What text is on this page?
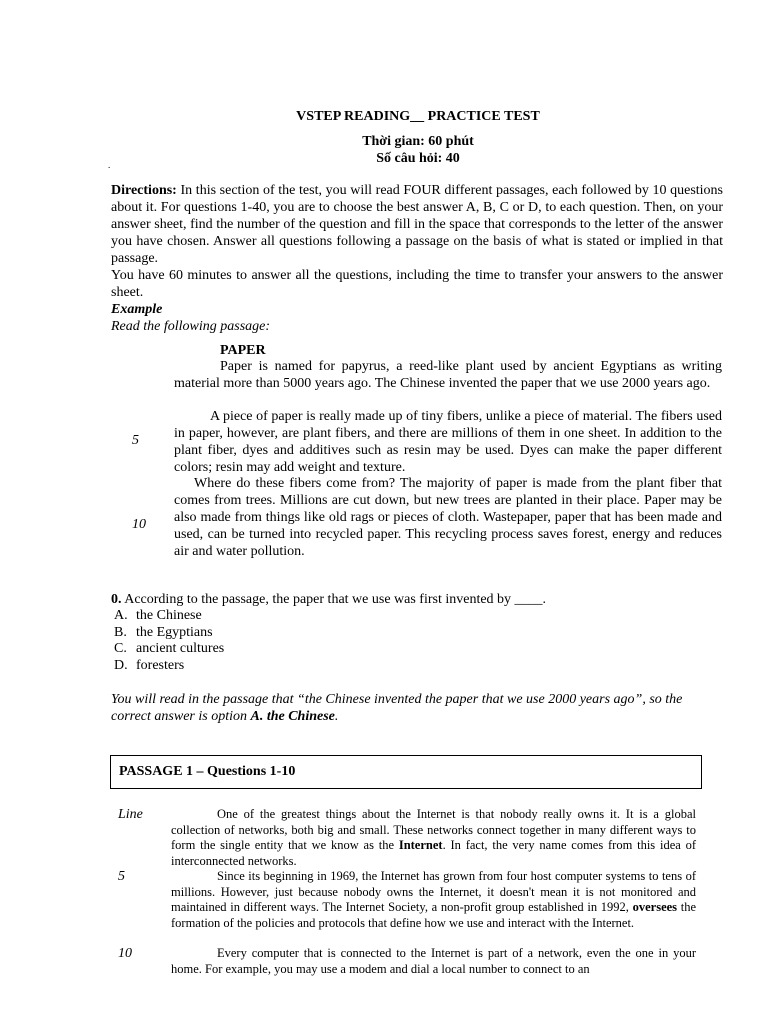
VSTEP READING__ PRACTICE TEST
Thời gian: 60 phút
Số câu hỏi: 40
.
Directions: In this section of the test, you will read FOUR different passages, each followed by 10 questions about it. For questions 1-40, you are to choose the best answer A, B, C or D, to each question. Then, on your answer sheet, find the number of the question and fill in the space that corresponds to the letter of the answer you have chosen. Answer all questions following a passage on the basis of what is stated or implied in that passage.
You have 60 minutes to answer all the questions, including the time to transfer your answers to the answer sheet.
Example
Read the following passage:
PAPER
Paper is named for papyrus, a reed-like plant used by ancient Egyptians as writing material more than 5000 years ago. The Chinese invented the paper that we use 2000 years ago.
A piece of paper is really made up of tiny fibers, unlike a piece of material. The fibers used in paper, however, are plant fibers, and there are millions of them in one sheet. In addition to the plant fiber, dyes and additives such as resin may be used. Dyes can make the paper different colors; resin may add weight and texture.
Where do these fibers come from? The majority of paper is made from the plant fiber that comes from trees. Millions are cut down, but new trees are planted in their place. Paper may be also made from things like old rags or pieces of cloth. Wastepaper, paper that has been made and used, can be turned into recycled paper. This recycling process saves forest, energy and reduces air and water pollution.
5
10
0. According to the passage, the paper that we use was first invented by ____.
A. the Chinese
B. the Egyptians
C. ancient cultures
D. foresters
You will read in the passage that “the Chinese invented the paper that we use 2000 years ago”, so the correct answer is option A. the Chinese.
PASSAGE 1 – Questions 1-10
Line
5
10
One of the greatest things about the Internet is that nobody really owns it. It is a global collection of networks, both big and small. These networks connect together in many different ways to form the single entity that we know as the Internet. In fact, the very name comes from this idea of interconnected networks.
Since its beginning in 1969, the Internet has grown from four host computer systems to tens of millions. However, just because nobody owns the Internet, it doesn't mean it is not monitored and maintained in different ways. The Internet Society, a non-profit group established in 1992, oversees the formation of the policies and protocols that define how we use and interact with the Internet.
Every computer that is connected to the Internet is part of a network, even the one in your home. For example, you may use a modem and dial a local number to connect to an
